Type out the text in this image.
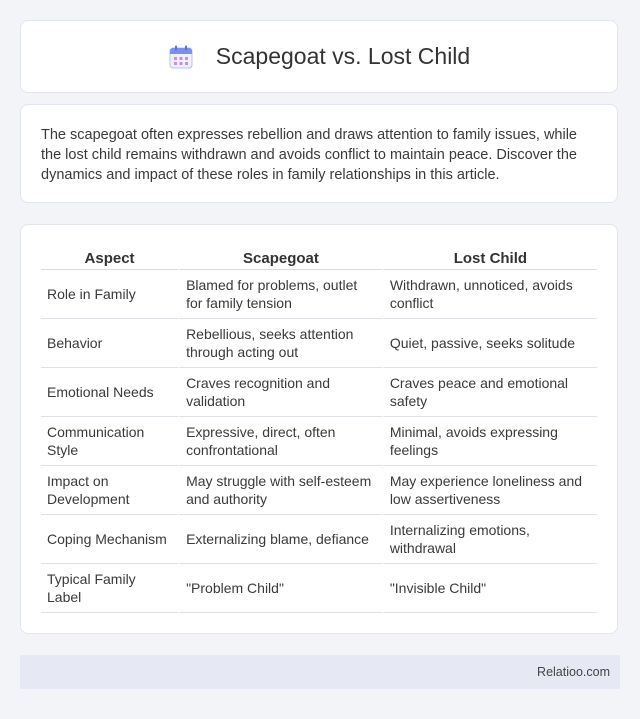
Scapegoat vs. Lost Child

The scapegoat often expresses rebellion and draws attention to family issues, while the lost child remains withdrawn and avoids conflict to maintain peace. Discover the dynamics and impact of these roles in family relationships in this article.

Aspect	Scapegoat	Lost Child
Role in Family	Blamed for problems, outlet for family tension	Withdrawn, unnoticed, avoids conflict
Behavior	Rebellious, seeks attention through acting out	Quiet, passive, seeks solitude
Emotional Needs	Craves recognition and validation	Craves peace and emotional safety
Communication Style	Expressive, direct, often confrontational	Minimal, avoids expressing feelings
Impact on Development	May struggle with self-esteem and authority	May experience loneliness and low assertiveness
Coping Mechanism	Externalizing blame, defiance	Internalizing emotions, withdrawal
Typical Family Label	"Problem Child"	"Invisible Child"
Relatioo.com
